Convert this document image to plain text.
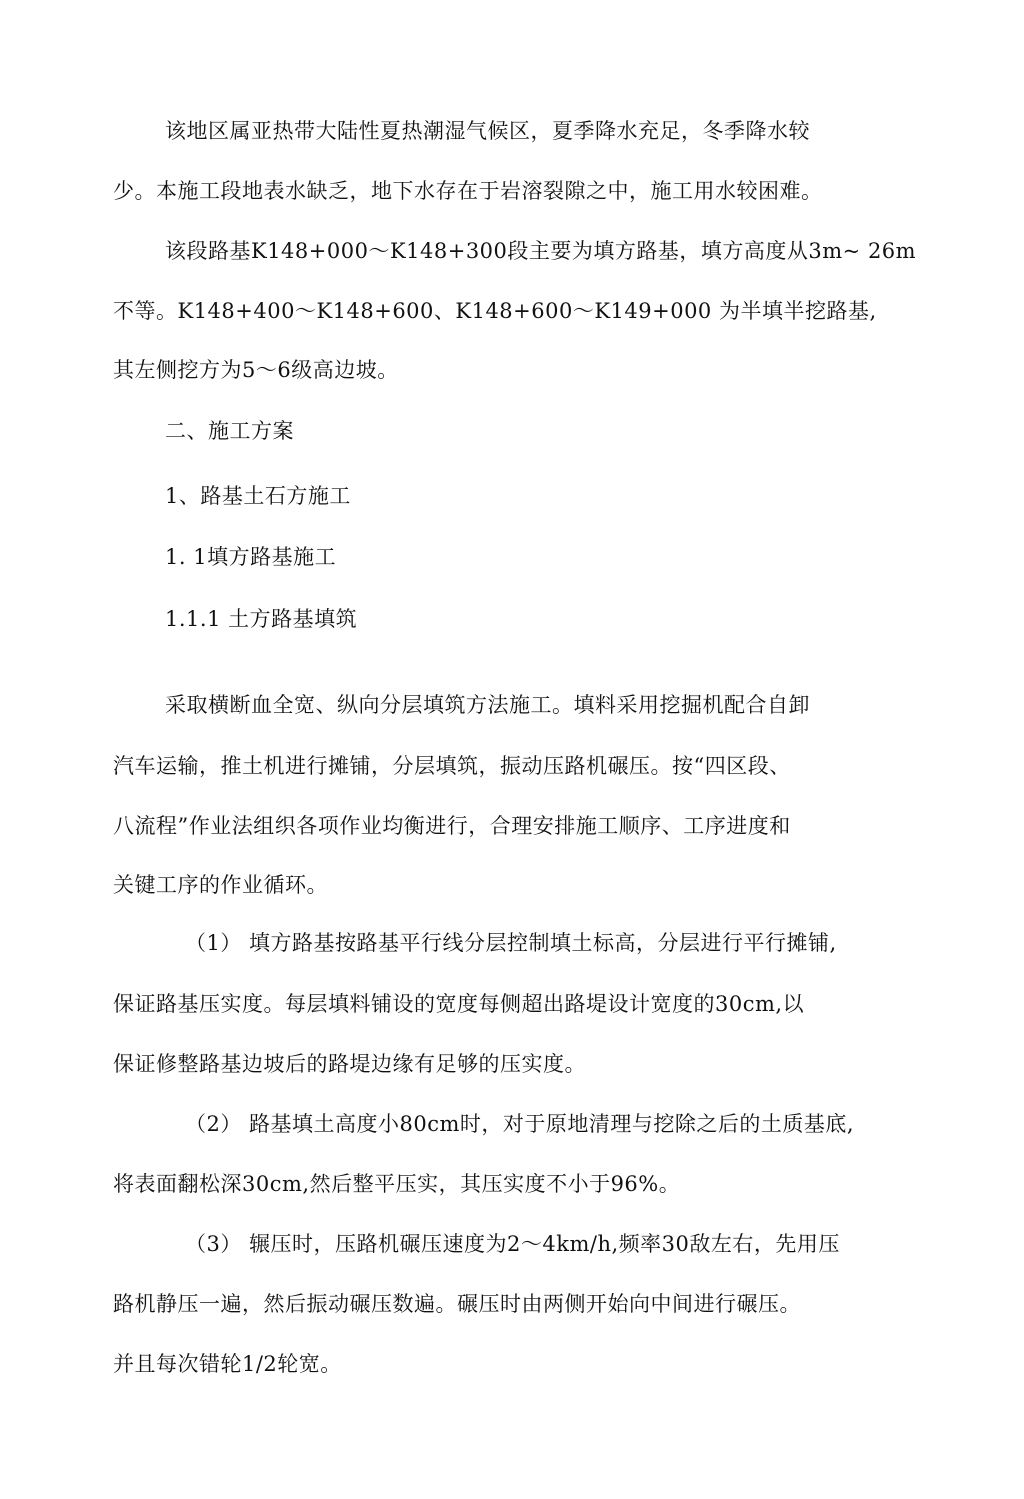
该地区属亚热带大陆性夏热潮湿气候区，夏季降水充足，冬季降水较
少。本施工段地表水缺乏，地下水存在于岩溶裂隙之中，施工用水较困难。
该段路基K148+000～K148+300段主要为填方路基，填方高度从3m~ 26m
不等。K148+400～K148+600、K148+600～K149+000 为半填半挖路基,
其左侧挖方为5～6级高边坡。
二、施工方案
1、路基土石方施工
1. 1填方路基施工
1.1.1 土方路基填筑
采取横断血全宽、纵向分层填筑方法施工。填料采用挖掘机配合自卸
汽车运输，推土机进行摊铺，分层填筑，振动压路机碾压。按“四区段、
八流程”作业法组织各项作业均衡进行，合理安排施工顺序、工序进度和
关键工序的作业循环。
（1） 填方路基按路基平行线分层控制填土标高，分层进行平行摊铺,
保证路基压实度。每层填料铺设的宽度每侧超出路堤设计宽度的30cm,以
保证修整路基边坡后的路堤边缘有足够的压实度。
（2） 路基填土高度小80cm时，对于原地清理与挖除之后的土质基底,
将表面翻松深30cm,然后整平压实，其压实度不小于96%。
（3） 辗压时，压路机碾压速度为2～4km/h,频率30敌左右，先用压
路机静压一遍，然后振动碾压数遍。碾压时由两侧开始向中间进行碾压。
并且每次错轮1/2轮宽。
